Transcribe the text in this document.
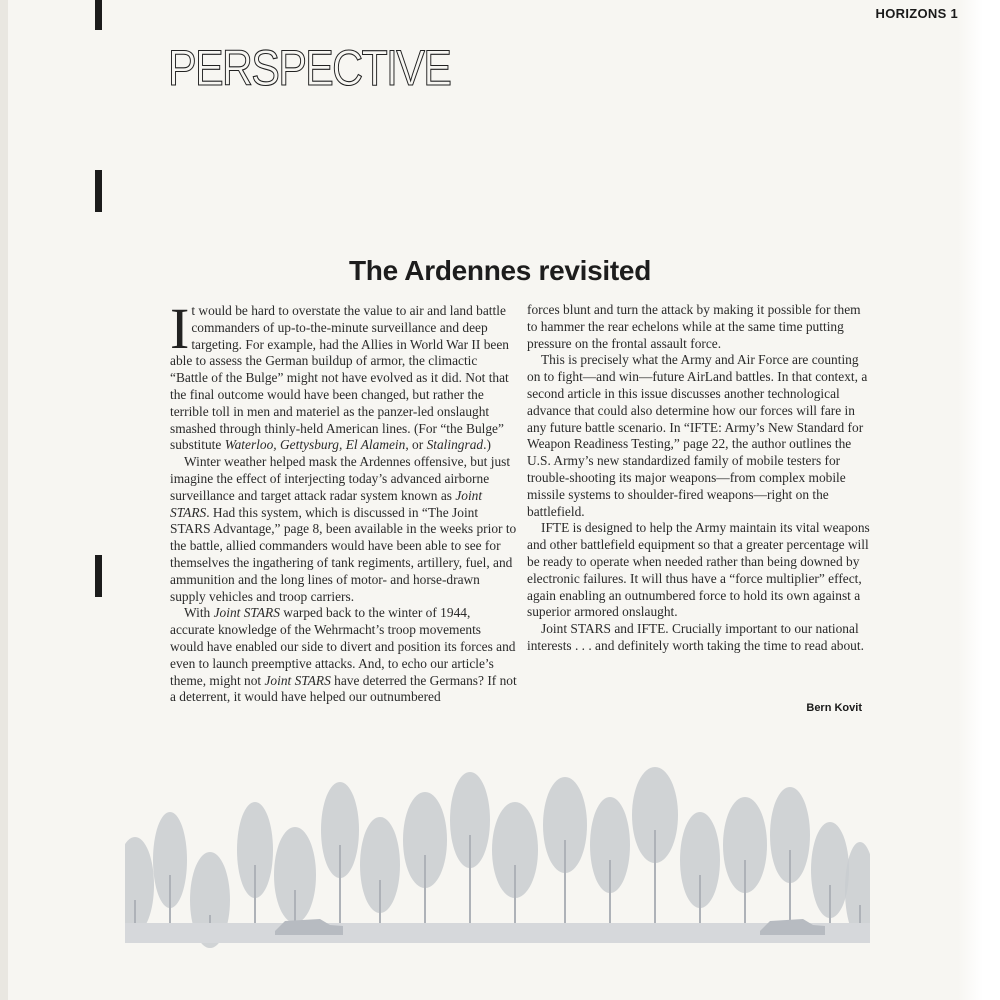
HORIZONS 1
PERSPECTIVE
The Ardennes revisited

It would be hard to overstate the value to air and land battle commanders of up-to-the-minute surveillance and deep targeting. For example, had the Allies in World War II been able to assess the German buildup of armor, the climactic “Battle of the Bulge” might not have evolved as it did. Not that the final outcome would have been changed, but rather the terrible toll in men and materiel as the panzer-led onslaught smashed through thinly-held American lines. (For “the Bulge” substitute Waterloo, Gettysburg, El Alamein, or Stalingrad.)

Winter weather helped mask the Ardennes offensive, but just imagine the effect of interjecting today’s advanced airborne surveillance and target attack radar system known as Joint STARS. Had this system, which is discussed in “The Joint STARS Advantage,” page 8, been available in the weeks prior to the battle, allied commanders would have been able to see for themselves the ingathering of tank regiments, artillery, fuel, and ammunition and the long lines of motor- and horse-drawn supply vehicles and troop carriers.

With Joint STARS warped back to the winter of 1944, accurate knowledge of the Wehrmacht’s troop movements would have enabled our side to divert and position its forces and even to launch preemptive attacks. And, to echo our article’s theme, might not Joint STARS have deterred the Germans? If not a deterrent, it would have helped our outnumbered

forces blunt and turn the attack by making it possible for them to hammer the rear echelons while at the same time putting pressure on the frontal assault force.

This is precisely what the Army and Air Force are counting on to fight—and win—future AirLand battles. In that context, a second article in this issue discusses another technological advance that could also determine how our forces will fare in any future battle scenario. In “IFTE: Army’s New Standard for Weapon Readiness Testing,” page 22, the author outlines the U.S. Army’s new standardized family of mobile testers for trouble-shooting its major weapons—from complex mobile missile systems to shoulder-fired weapons—right on the battlefield.

IFTE is designed to help the Army maintain its vital weapons and other battlefield equipment so that a greater percentage will be ready to operate when needed rather than being downed by electronic failures. It will thus have a “force multiplier” effect, again enabling an outnumbered force to hold its own against a superior armored onslaught.

Joint STARS and IFTE. Crucially important to our national interests . . . and definitely worth taking the time to read about.

Bern Kovit
